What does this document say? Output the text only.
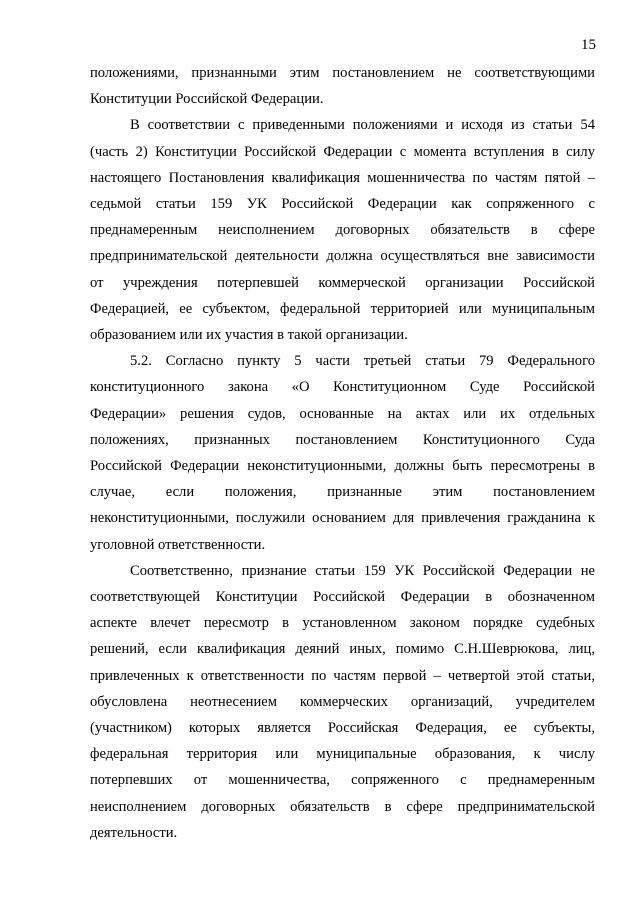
15
положениями, признанными этим постановлением не соответствующими
Конституции Российской Федерации.
В соответствии с приведенными положениями и исходя из статьи 54
(часть 2) Конституции Российской Федерации с момента вступления в силу
настоящего Постановления квалификация мошенничества по частям пятой –
седьмой статьи 159 УК Российской Федерации как сопряженного с
преднамеренным неисполнением договорных обязательств в сфере
предпринимательской деятельности должна осуществляться вне зависимости
от учреждения потерпевшей коммерческой организации Российской
Федерацией, ее субъектом, федеральной территорией или муниципальным
образованием или их участия в такой организации.
5.2. Согласно пункту 5 части третьей статьи 79 Федерального
конституционного закона «О Конституционном Суде Российской
Федерации» решения судов, основанные на актах или их отдельных
положениях, признанных постановлением Конституционного Суда
Российской Федерации неконституционными, должны быть пересмотрены в
случае, если положения, признанные этим постановлением
неконституционными, послужили основанием для привлечения гражданина к
уголовной ответственности.
Соответственно, признание статьи 159 УК Российской Федерации не
соответствующей Конституции Российской Федерации в обозначенном
аспекте влечет пересмотр в установленном законом порядке судебных
решений, если квалификация деяний иных, помимо С.Н.Шеврюкова, лиц,
привлеченных к ответственности по частям первой – четвертой этой статьи,
обусловлена неотнесением коммерческих организаций, учредителем
(участником) которых является Российская Федерация, ее субъекты,
федеральная территория или муниципальные образования, к числу
потерпевших от мошенничества, сопряженного с преднамеренным
неисполнением договорных обязательств в сфере предпринимательской
деятельности.
